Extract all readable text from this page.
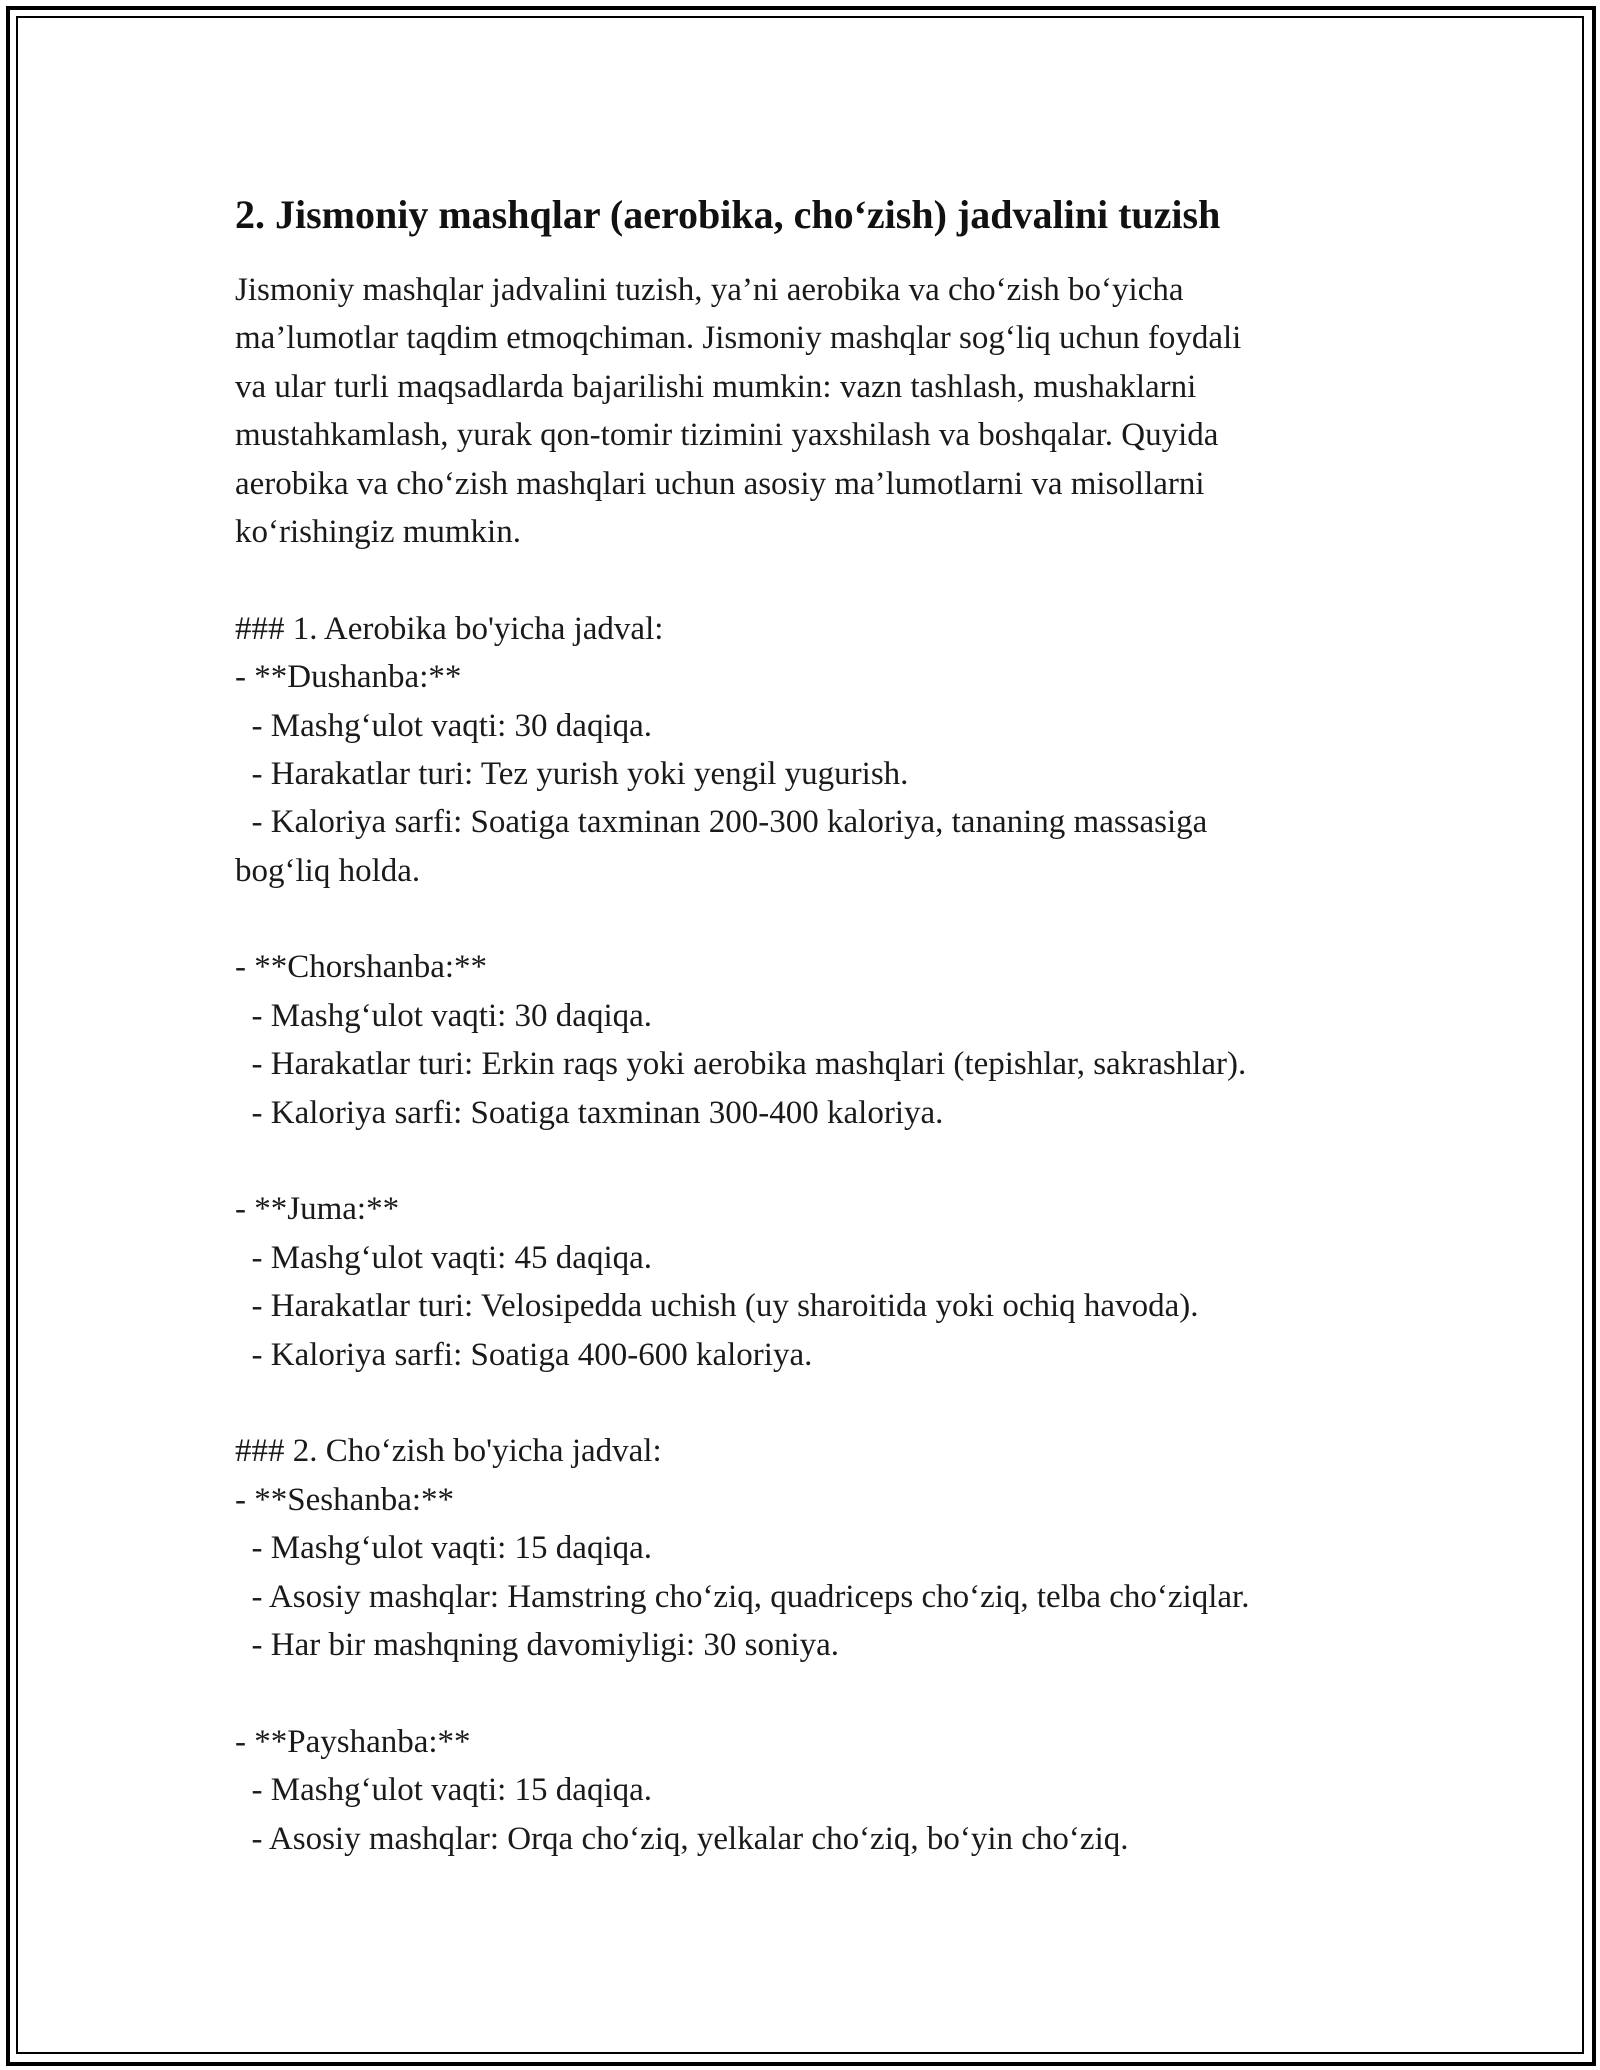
2. Jismoniy mashqlar (aerobika, cho‘zish) jadvalini tuzish
Jismoniy mashqlar jadvalini tuzish, ya’ni aerobika va cho‘zish bo‘yicha
ma’lumotlar taqdim etmoqchiman. Jismoniy mashqlar sog‘liq uchun foydali
va ular turli maqsadlarda bajarilishi mumkin: vazn tashlash, mushaklarni
mustahkamlash, yurak qon-tomir tizimini yaxshilash va boshqalar. Quyida
aerobika va cho‘zish mashqlari uchun asosiy ma’lumotlarni va misollarni
ko‘rishingiz mumkin.
### 1. Aerobika bo'yicha jadval:
- **Dushanba:**
- Mashg‘ulot vaqti: 30 daqiqa.
- Harakatlar turi: Tez yurish yoki yengil yugurish.
- Kaloriya sarfi: Soatiga taxminan 200-300 kaloriya, tananing massasiga
bog‘liq holda.
- **Chorshanba:**
- Mashg‘ulot vaqti: 30 daqiqa.
- Harakatlar turi: Erkin raqs yoki aerobika mashqlari (tepishlar, sakrashlar).
- Kaloriya sarfi: Soatiga taxminan 300-400 kaloriya.
- **Juma:**
- Mashg‘ulot vaqti: 45 daqiqa.
- Harakatlar turi: Velosipedda uchish (uy sharoitida yoki ochiq havoda).
- Kaloriya sarfi: Soatiga 400-600 kaloriya.
### 2. Cho‘zish bo'yicha jadval:
- **Seshanba:**
- Mashg‘ulot vaqti: 15 daqiqa.
- Asosiy mashqlar: Hamstring cho‘ziq, quadriceps cho‘ziq, telba cho‘ziqlar.
- Har bir mashqning davomiyligi: 30 soniya.
- **Payshanba:**
- Mashg‘ulot vaqti: 15 daqiqa.
- Asosiy mashqlar: Orqa cho‘ziq, yelkalar cho‘ziq, bo‘yin cho‘ziq.
